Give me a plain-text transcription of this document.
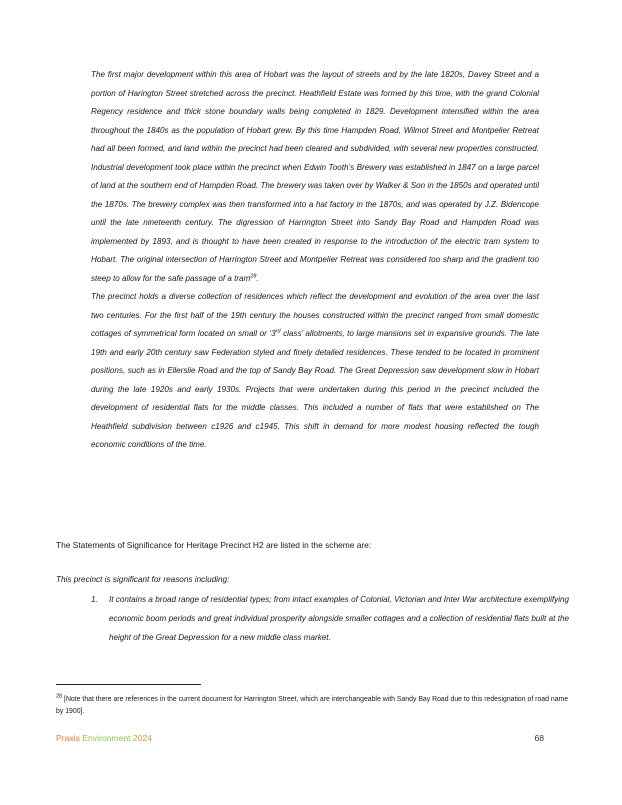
The first major development within this area of Hobart was the layout of streets and by the late 1820s, Davey Street and a portion of Harington Street stretched across the precinct. Heathfield Estate was formed by this time, with the grand Colonial Regency residence and thick stone boundary walls being completed in 1829. Development intensified within the area throughout the 1840s as the population of Hobart grew. By this time Hampden Road, Wilmot Street and Montpelier Retreat had all been formed, and land within the precinct had been cleared and subdivided, with several new properties constructed. Industrial development took place within the precinct when Edwin Tooth’s Brewery was established in 1847 on a large parcel of land at the southern end of Hampden Road. The brewery was taken over by Walker & Son in the 1850s and operated until the 1870s. The brewery complex was then transformed into a hat factory in the 1870s, and was operated by J.Z. Bidencope until the late nineteenth century. The digression of Harrington Street into Sandy Bay Road and Hampden Road was implemented by 1893, and is thought to have been created in response to the introduction of the electric tram system to Hobart. The original intersection of Harrington Street and Montpelier Retreat was considered too sharp and the gradient too steep to allow for the safe passage of a tram$^{28}$.

The precinct holds a diverse collection of residences which reflect the development and evolution of the area over the last two centuries. For the first half of the 19th century the houses constructed within the precinct ranged from small domestic cottages of symmetrical form located on small or ‘3rd class’ allotments, to large mansions set in expansive grounds. The late 19th and early 20th century saw Federation styled and finely detailed residences. These tended to be located in prominent positions, such as in Ellerslie Road and the top of Sandy Bay Road. The Great Depression saw development slow in Hobart during the late 1920s and early 1930s. Projects that were undertaken during this period in the precinct included the development of residential flats for the middle classes. This included a number of flats that were established on The Heathfield subdivision between c1926 and c1945. This shift in demand for more modest housing reflected the tough economic conditions of the time.

The Statements of Significance for Heritage Precinct H2 are listed in the scheme are:
This precinct is significant for reasons including:
1. It contains a broad range of residential types; from intact examples of Colonial, Victorian and Inter War architecture exemplifying economic boom periods and great individual prosperity alongside smaller cottages and a collection of residential flats built at the height of the Great Depression for a new middle class market.
$^{28}$ [Note that there are references in the current document for Harrington Street, which are interchangeable with Sandy Bay Road due to this redesignation of road name by 1900].
Praxis Environment 2024	68
